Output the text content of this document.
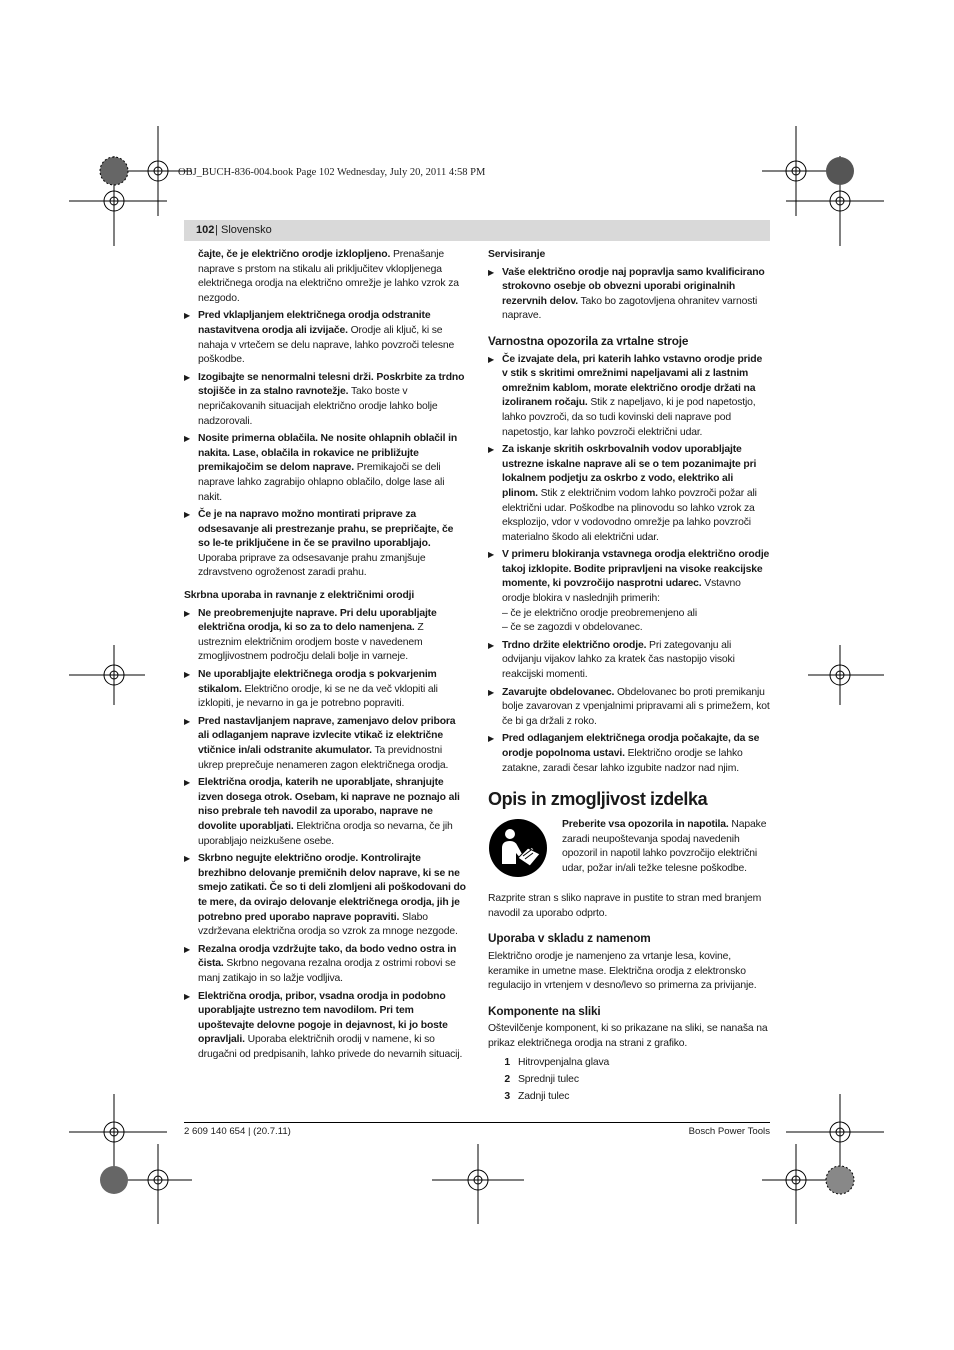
OBJ_BUCH-836-004.book Page 102 Wednesday, July 20, 2011 4:58 PM
102 | Slovensko

čajte, če je električno orodje izklopljeno. Prenašanje naprave s prstom na stikalu ali priključitev vklopljenega električnega orodja na električno omrežje je lahko vzrok za nezgodo.

▶ Pred vklapljanjem električnega orodja odstranite nastavitvena orodja ali izvijače. Orodje ali ključ, ki se nahaja v vrtečem se delu naprave, lahko povzroči telesne poškodbe.
▶ Izogibajte se nenormalni telesni drži. Poskrbite za trdno stojišče in za stalno ravnotežje. Tako boste v nepričakovanih situacijah električno orodje lahko bolje nadzorovali.
▶ Nosite primerna oblačila. Ne nosite ohlapnih oblačil in nakita. Lase, oblačila in rokavice ne približujte premikajočim se delom naprave. Premikajoči se deli naprave lahko zagrabijo ohlapno oblačilo, dolge lase ali nakit.
▶ Če je na napravo možno montirati priprave za odsesavanje ali prestrezanje prahu, se prepričajte, če so le-te priključene in če se pravilno uporabljajo. Uporaba priprave za odsesavanje prahu zmanjšuje zdravstveno ogroženost zaradi prahu.
Skrbna uporaba in ravnanje z električnimi orodji
▶ Ne preobremenjujte naprave. Pri delu uporabljajte električna orodja, ki so za to delo namenjena. Z ustreznim električnim orodjem boste v navedenem zmogljivostnem področju delali bolje in varneje.
▶ Ne uporabljajte električnega orodja s pokvarjenim stikalom. Električno orodje, ki se ne da več vklopiti ali izklopiti, je nevarno in ga je potrebno popraviti.
▶ Pred nastavljanjem naprave, zamenjavo delov pribora ali odlaganjem naprave izvlecite vtikač iz električne vtičnice in/ali odstranite akumulator. Ta previdnostni ukrep preprečuje nenameren zagon električnega orodja.
▶ Električna orodja, katerih ne uporabljate, shranjujte izven dosega otrok. Osebam, ki naprave ne poznajo ali niso prebrale teh navodil za uporabo, naprave ne dovolite uporabljati. Električna orodja so nevarna, če jih uporabljajo neizkušene osebe.
▶ Skrbno negujte električno orodje. Kontrolirajte brezhibno delovanje premičnih delov naprave, ki se ne smejo zatikati. Če so ti deli zlomljeni ali poškodovani do te mere, da ovirajo delovanje električnega orodja, jih je potrebno pred uporabo naprave popraviti. Slabo vzdrževana električna orodja so vzrok za mnoge nezgode.
▶ Rezalna orodja vzdržujte tako, da bodo vedno ostra in čista. Skrbno negovana rezalna orodja z ostrimi robovi se manj zatikajo in so lažje vodljiva.
▶ Električna orodja, pribor, vsadna orodja in podobno uporabljajte ustrezno tem navodilom. Pri tem upoštevajte delovne pogoje in dejavnost, ki jo boste opravljali. Uporaba električnih orodij v namene, ki so drugačni od predpisanih, lahko privede do nevarnih situacij.
Servisiranje
▶ Vaše električno orodje naj popravlja samo kvalificirano strokovno osebje ob obvezni uporabi originalnih rezervnih delov. Tako bo zagotovljena ohranitev varnosti naprave.
Varnostna opozorila za vrtalne stroje
▶ Če izvajate dela, pri katerih lahko vstavno orodje pride v stik s skritimi omrežnimi napeljavami ali z lastnim omrežnim kablom, morate električno orodje držati na izoliranem ročaju. Stik z napeljavo, ki je pod napetostjo, lahko povzroči, da so tudi kovinski deli naprave pod napetostjo, kar lahko povzroči električni udar.
▶ Za iskanje skritih oskrbovalnih vodov uporabljajte ustrezne iskalne naprave ali se o tem pozanimajte pri lokalnem podjetju za oskrbo z vodo, elektriko ali plinom. Stik z električnim vodom lahko povzroči požar ali električni udar. Poškodbe na plinovodu so lahko vzrok za eksplozijo, vdor v vodovodno omrežje pa lahko povzroči materialno škodo ali električni udar.
▶ V primeru blokiranja vstavnega orodja električno orodje takoj izklopite. Bodite pripravljeni na visoke reakcijske momente, ki povzročijo nasprotni udarec. Vstavno orodje blokira v naslednjih primerih:
– če je električno orodje preobremenjeno ali
– če se zagozdi v obdelovanec.
▶ Trdno držite električno orodje. Pri zategovanju ali odvijanju vijakov lahko za kratek čas nastopijo visoki reakcijski momenti.
▶ Zavarujte obdelovanec. Obdelovanec bo proti premikanju bolje zavarovan z vpenjalnimi pripravami ali s primežem, kot če bi ga držali z roko.
▶ Pred odlaganjem električnega orodja počakajte, da se orodje popolnoma ustavi. Električno orodje se lahko zatakne, zaradi česar lahko izgubite nadzor nad njim.
Opis in zmogljivost izdelka

Preberite vsa opozorila in napotila. Napake zaradi neupoštevanja spodaj navedenih opozoril in napotil lahko povzročijo električni udar, požar in/ali težke telesne poškodbe.

Razprite stran s sliko naprave in pustite to stran med branjem navodil za uporabo odprto.

Uporaba v skladu z namenom

Električno orodje je namenjeno za vrtanje lesa, kovine, keramike in umetne mase. Električna orodja z elektronsko regulacijo in vrtenjem v desno/levo so primerna za privijanje.

Komponente na sliki

Oštevilčenje komponent, ki so prikazane na sliki, se nanaša na prikaz električnega orodja na strani z grafiko.

1 Hitrovpenjalna glava
2 Sprednji tulec
3 Zadnji tulec
2 609 140 654 | (20.7.11)	Bosch Power Tools
